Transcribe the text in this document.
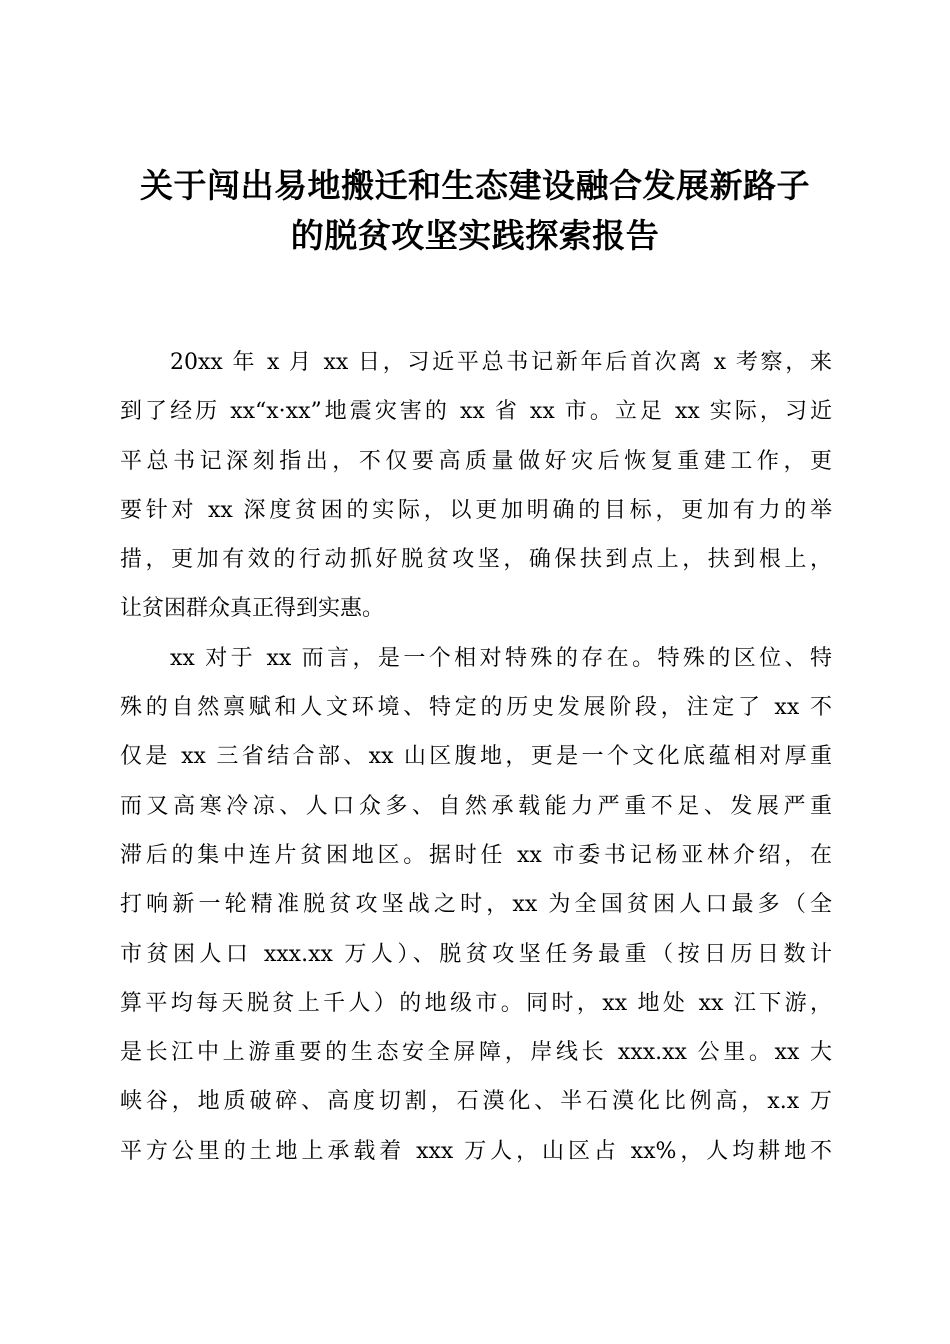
关于闯出易地搬迁和生态建设融合发展新路子
的脱贫攻坚实践探索报告
20xx 年 x 月 xx 日，习近平总书记新年后首次离 x 考察，来
到了经历 xx“x·xx”地震灾害的 xx 省 xx 市。立足 xx 实际，习近
平总书记深刻指出，不仅要高质量做好灾后恢复重建工作，更
要针对 xx 深度贫困的实际，以更加明确的目标，更加有力的举
措，更加有效的行动抓好脱贫攻坚，确保扶到点上，扶到根上，
让贫困群众真正得到实惠。
xx 对于 xx 而言，是一个相对特殊的存在。特殊的区位、特
殊的自然禀赋和人文环境、特定的历史发展阶段，注定了 xx 不
仅是 xx 三省结合部、xx 山区腹地，更是一个文化底蕴相对厚重
而又高寒冷凉、人口众多、自然承载能力严重不足、发展严重
滞后的集中连片贫困地区。据时任 xx 市委书记杨亚林介绍，在
打响新一轮精准脱贫攻坚战之时，xx 为全国贫困人口最多（全
市贫困人口 xxx.xx 万人）、脱贫攻坚任务最重（按日历日数计
算平均每天脱贫上千人）的地级市。同时，xx 地处 xx 江下游，
是长江中上游重要的生态安全屏障，岸线长 xxx.xx 公里。xx 大
峡谷，地质破碎、高度切割，石漠化、半石漠化比例高，x.x 万
平方公里的土地上承载着 xxx 万人，山区占 xx%，人均耕地不
